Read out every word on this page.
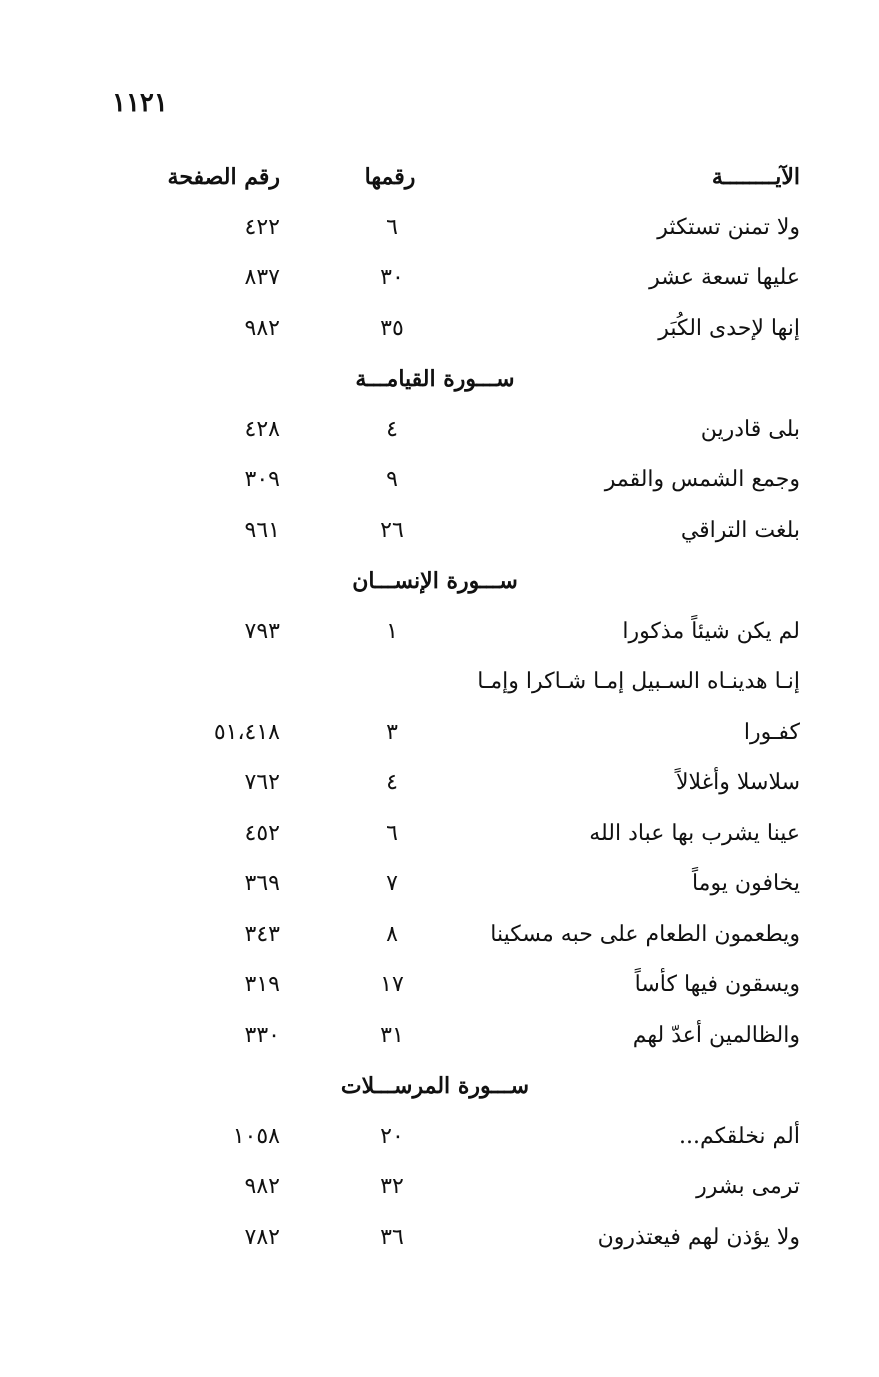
١١٢١
الآيــــــــة
رقمها
رقم الصفحة
ولا تمنن تستكثر
٦
٤٢٢
عليها تسعة عشر
٣٠
٨٣٧
إنها لإحدى الكُبَر
٣٥
٩٨٢
ســـورة القيامـــة
بلى قادرين
٤
٤٢٨
وجمع الشمس والقمر
٩
٣٠٩
بلغت التراقي
٢٦
٩٦١
ســـورة الإنســـان
لم يكن شيئاً مذكورا
١
٧٩٣
إنـا هدينـاه السـبيل إمـا شـاكرا وإمـا
كفـورا
٣
٥١،٤١٨
سلاسلا وأغلالاً
٤
٧٦٢
عينا يشرب بها عباد الله
٦
٤٥٢
يخافون يوماً
٧
٣٦٩
ويطعمون الطعام على حبه مسكينا
٨
٣٤٣
ويسقون فيها كأساً
١٧
٣١٩
والظالمين أعدّ لهم
٣١
٣٣٠
ســـورة المرســـلات
ألم نخلقكم...
٢٠
١٠٥٨
ترمى بشرر
٣٢
٩٨٢
ولا يؤذن لهم فيعتذرون
٣٦
٧٨٢
